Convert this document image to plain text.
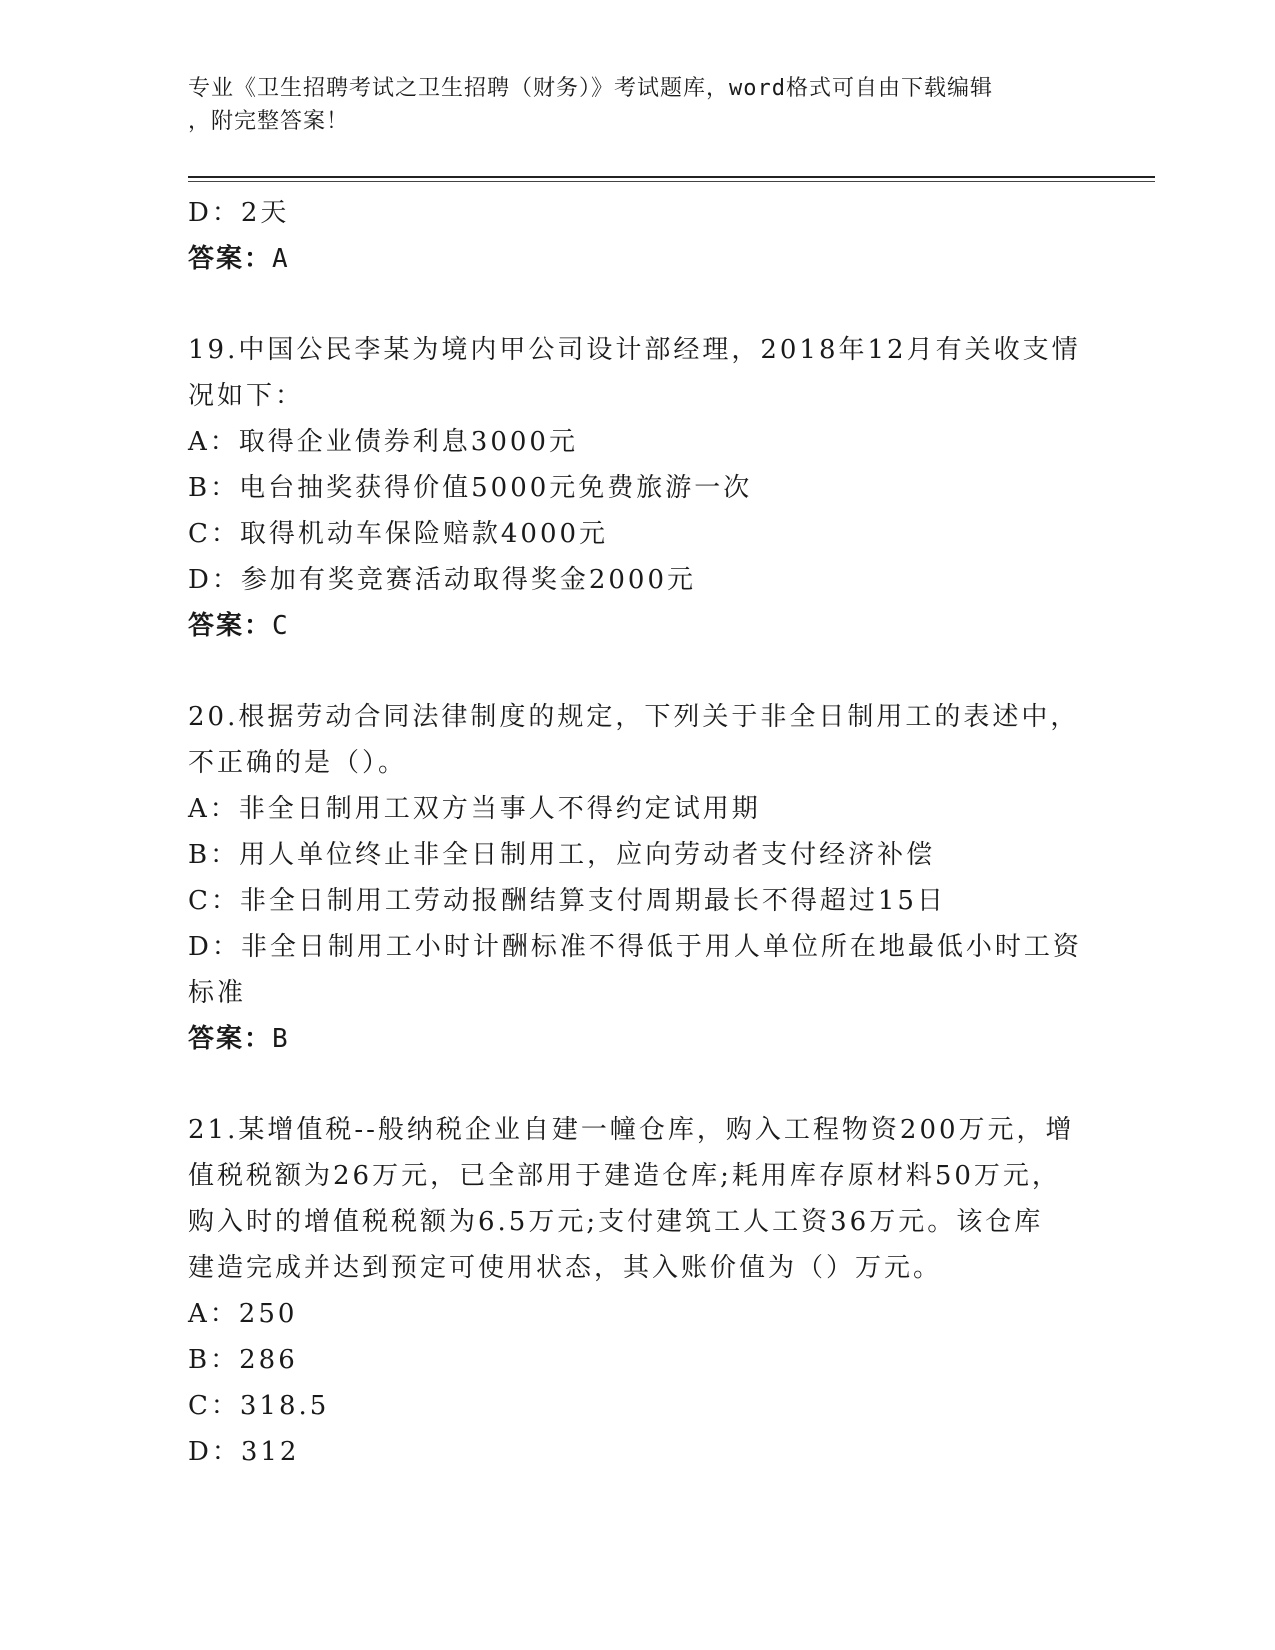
专业《卫生招聘考试之卫生招聘（财务）》考试题库，word格式可自由下载编辑
，附完整答案！
D：2天
答案：A
19.中国公民李某为境内甲公司设计部经理，2018年12月有关收支情
况如下：
A：取得企业债券利息3000元
B：电台抽奖获得价值5000元免费旅游一次
C：取得机动车保险赔款4000元
D：参加有奖竞赛活动取得奖金2000元
答案：C
20.根据劳动合同法律制度的规定，下列关于非全日制用工的表述中，
不正确的是（）。
A：非全日制用工双方当事人不得约定试用期
B：用人单位终止非全日制用工，应向劳动者支付经济补偿
C：非全日制用工劳动报酬结算支付周期最长不得超过15日
D：非全日制用工小时计酬标准不得低于用人单位所在地最低小时工资
标准
答案：B
21.某增值税--般纳税企业自建一幢仓库，购入工程物资200万元，增
值税税额为26万元，已全部用于建造仓库;耗用库存原材料50万元，
购入时的增值税税额为6.5万元;支付建筑工人工资36万元。该仓库
建造完成并达到预定可使用状态，其入账价值为（）万元。
A：250
B：286
C：318.5
D：312
